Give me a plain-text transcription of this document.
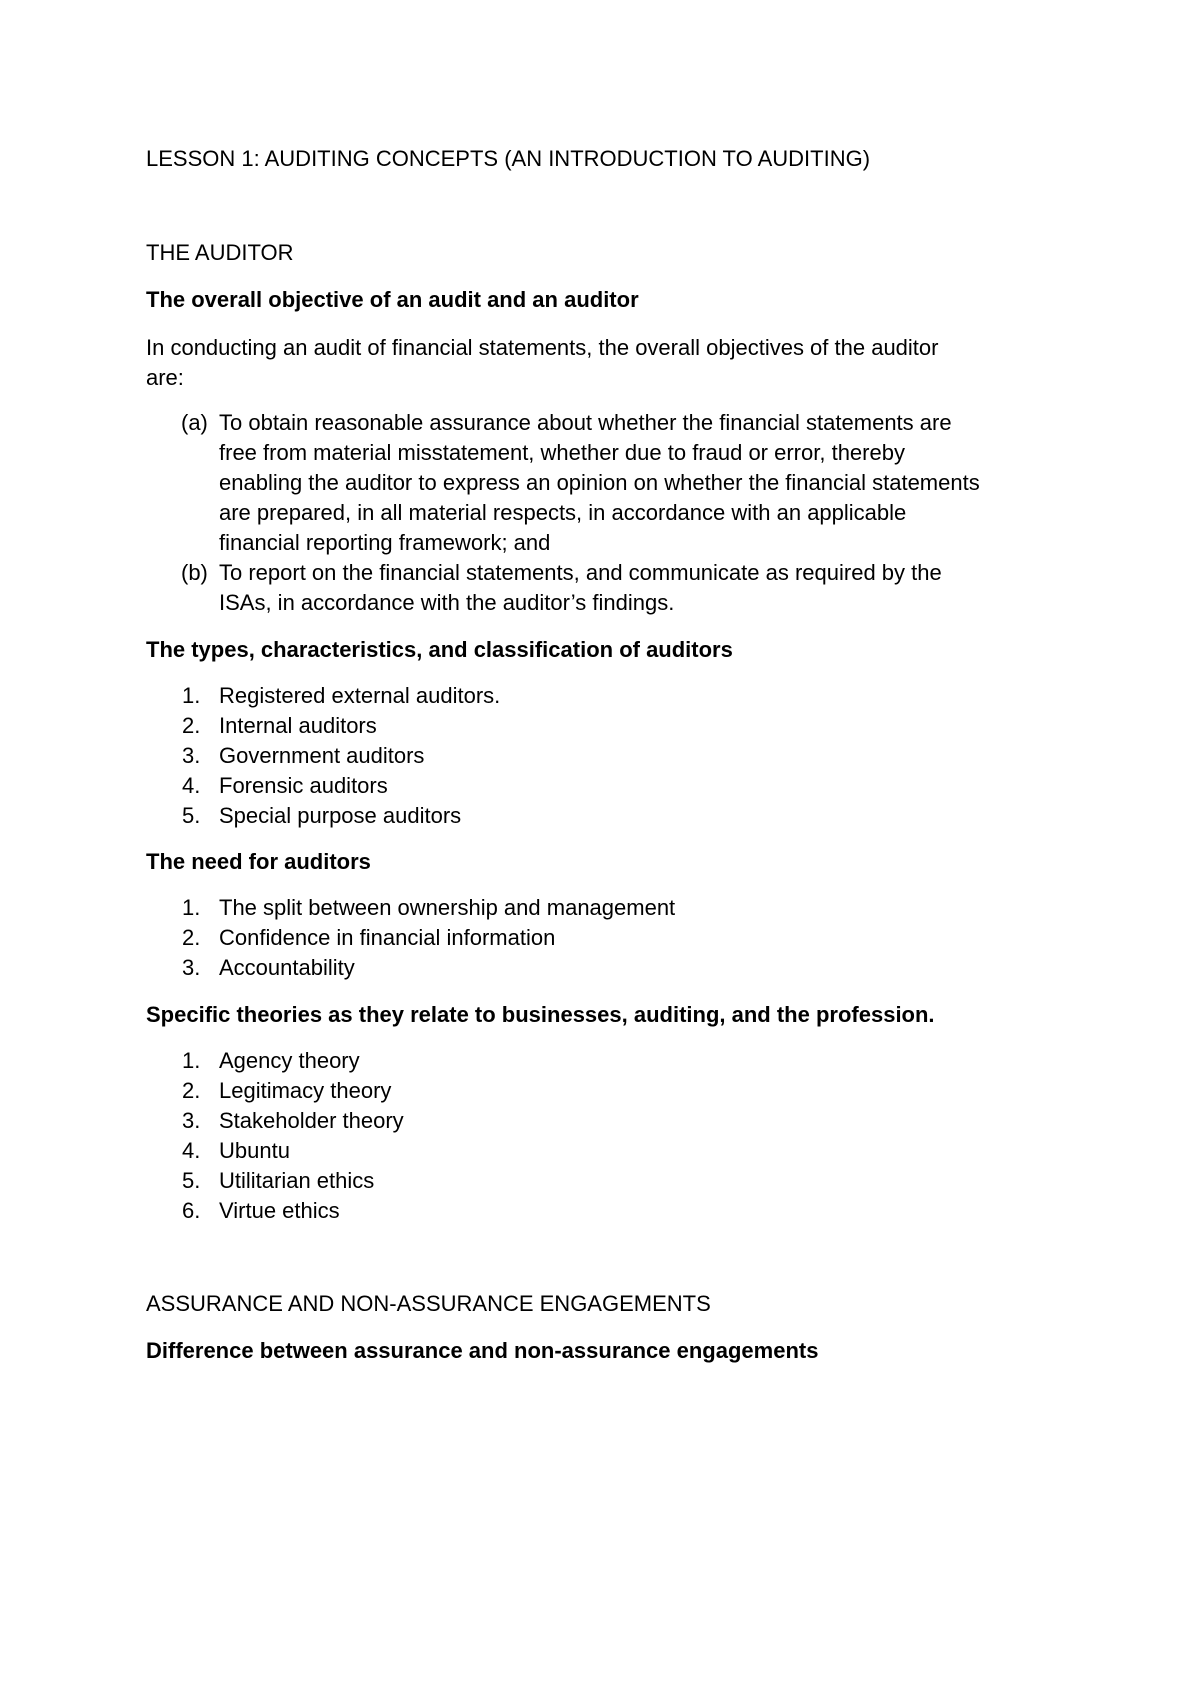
LESSON 1: AUDITING CONCEPTS (AN INTRODUCTION TO AUDITING)

THE AUDITOR

The overall objective of an audit and an auditor

In conducting an audit of financial statements, the overall objectives of the auditor

are:

(a) To obtain reasonable assurance about whether the financial statements are
free from material misstatement, whether due to fraud or error, thereby
enabling the auditor to express an opinion on whether the financial statements
are prepared, in all material respects, in accordance with an applicable
financial reporting framework; and
(b) To report on the financial statements, and communicate as required by the
ISAs, in accordance with the auditor’s findings.

The types, characteristics, and classification of auditors

1. Registered external auditors.
2. Internal auditors
3. Government auditors
4. Forensic auditors
5. Special purpose auditors

The need for auditors

1. The split between ownership and management
2. Confidence in financial information
3. Accountability

Specific theories as they relate to businesses, auditing, and the profession.

1. Agency theory
2. Legitimacy theory
3. Stakeholder theory
4. Ubuntu
5. Utilitarian ethics
6. Virtue ethics

ASSURANCE AND NON-ASSURANCE ENGAGEMENTS

Difference between assurance and non-assurance engagements
